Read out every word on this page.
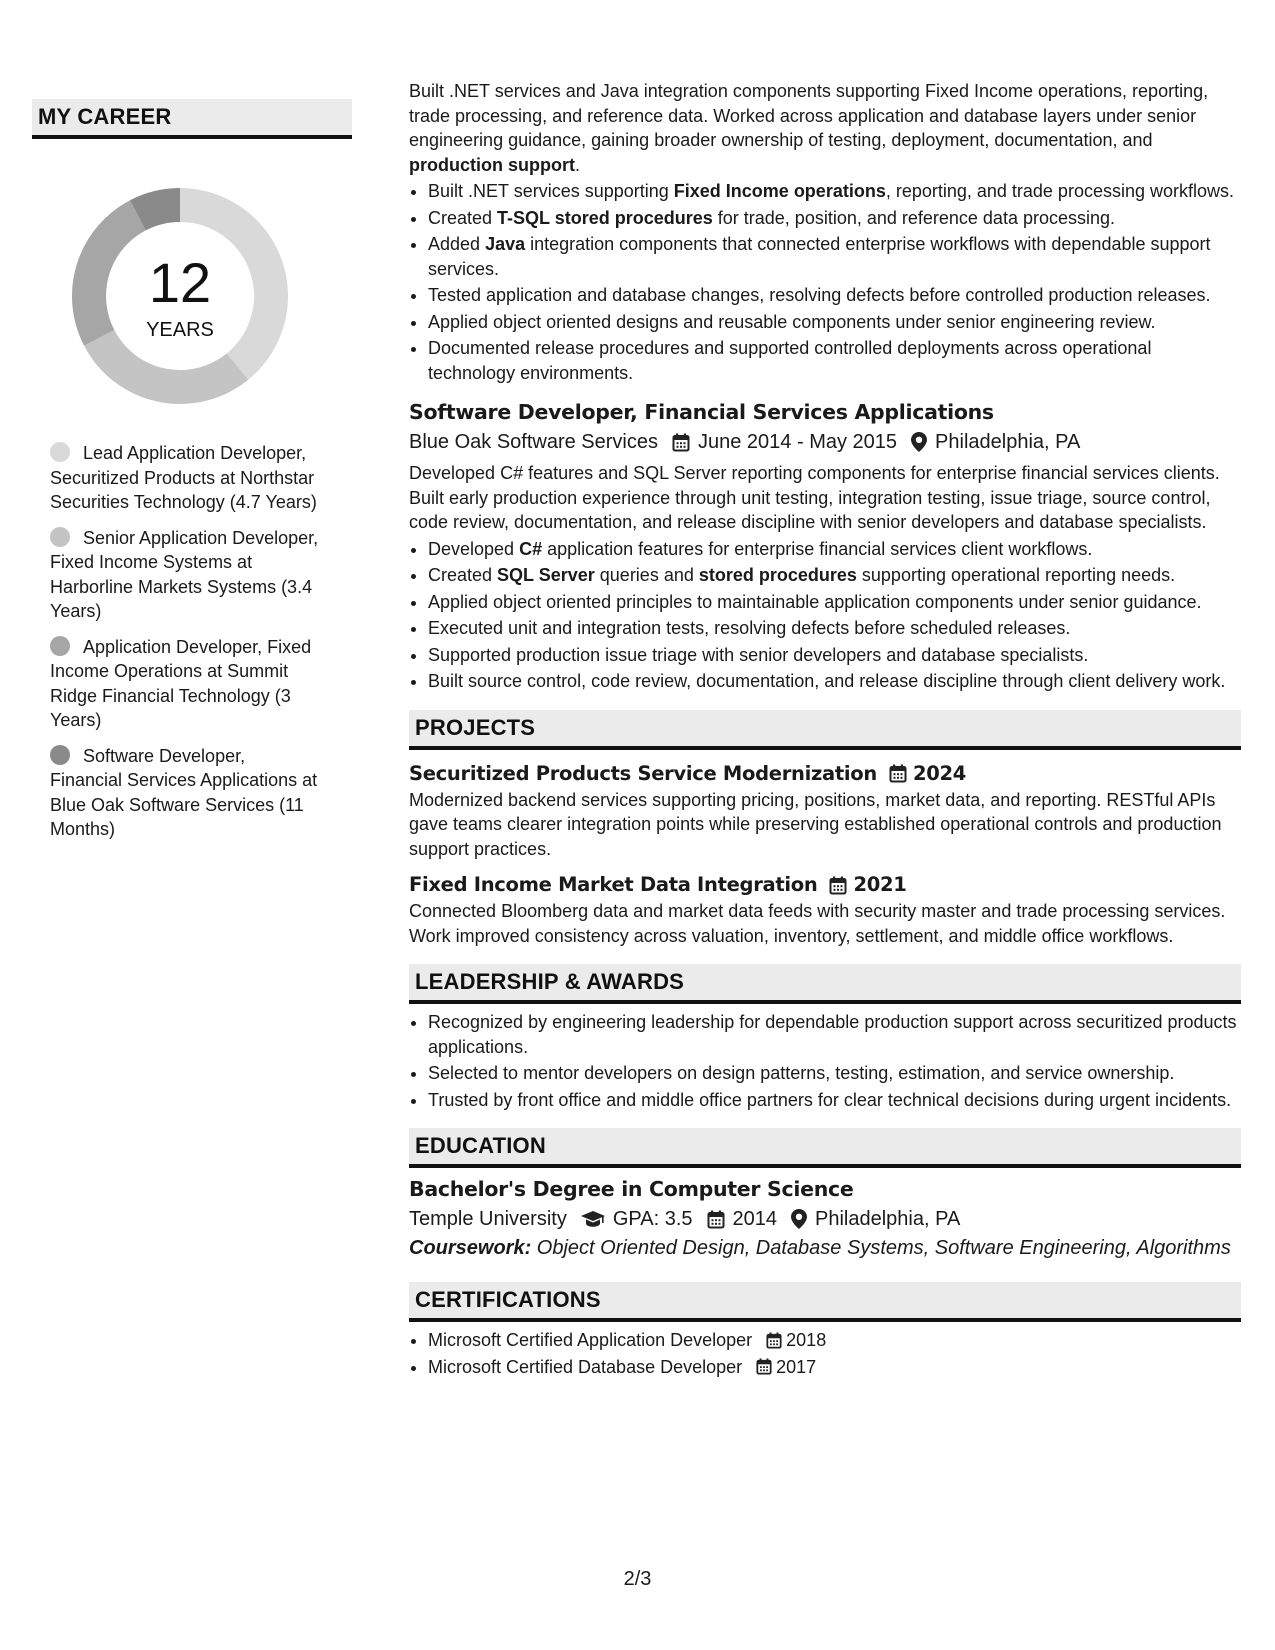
MY CAREER
12
YEARS
Lead Application Developer, Securitized Products at Northstar Securities Technology (4.7 Years)
Senior Application Developer, Fixed Income Systems at Harborline Markets Systems (3.4 Years)
Application Developer, Fixed Income Operations at Summit Ridge Financial Technology (3 Years)
Software Developer, Financial Services Applications at Blue Oak Software Services (11 Months)

Built .NET services and Java integration components supporting Fixed Income operations, reporting, trade processing, and reference data. Worked across application and database layers under senior engineering guidance, gaining broader ownership of testing, deployment, documentation, and production support.

• Built .NET services supporting Fixed Income operations, reporting, and trade processing workflows.
• Created T-SQL stored procedures for trade, position, and reference data processing.
• Added Java integration components that connected enterprise workflows with dependable support services.
• Tested application and database changes, resolving defects before controlled production releases.
• Applied object oriented designs and reusable components under senior engineering review.
• Documented release procedures and supported controlled deployments across operational technology environments.
Software Developer, Financial Services Applications
Blue Oak Software Services June 2014 - May 2015 Philadelphia, PA

Developed C# features and SQL Server reporting components for enterprise financial services clients. Built early production experience through unit testing, integration testing, issue triage, source control, code review, documentation, and release discipline with senior developers and database specialists.

• Developed C# application features for enterprise financial services client workflows.
• Created SQL Server queries and stored procedures supporting operational reporting needs.
• Applied object oriented principles to maintainable application components under senior guidance.
• Executed unit and integration tests, resolving defects before scheduled releases.
• Supported production issue triage with senior developers and database specialists.
• Built source control, code review, documentation, and release discipline through client delivery work.
PROJECTS
Securitized Products Service Modernization 2024

Modernized backend services supporting pricing, positions, market data, and reporting. RESTful APIs gave teams clearer integration points while preserving established operational controls and production support practices.

Fixed Income Market Data Integration 2021

Connected Bloomberg data and market data feeds with security master and trade processing services. Work improved consistency across valuation, inventory, settlement, and middle office workflows.

LEADERSHIP & AWARDS
• Recognized by engineering leadership for dependable production support across securitized products applications.
• Selected to mentor developers on design patterns, testing, estimation, and service ownership.
• Trusted by front office and middle office partners for clear technical decisions during urgent incidents.
EDUCATION
Bachelor's Degree in Computer Science
Temple University GPA: 3.5 2014 Philadelphia, PA
Coursework: Object Oriented Design, Database Systems, Software Engineering, Algorithms
CERTIFICATIONS
• Microsoft Certified Application Developer 2018
• Microsoft Certified Database Developer 2017
2/3
